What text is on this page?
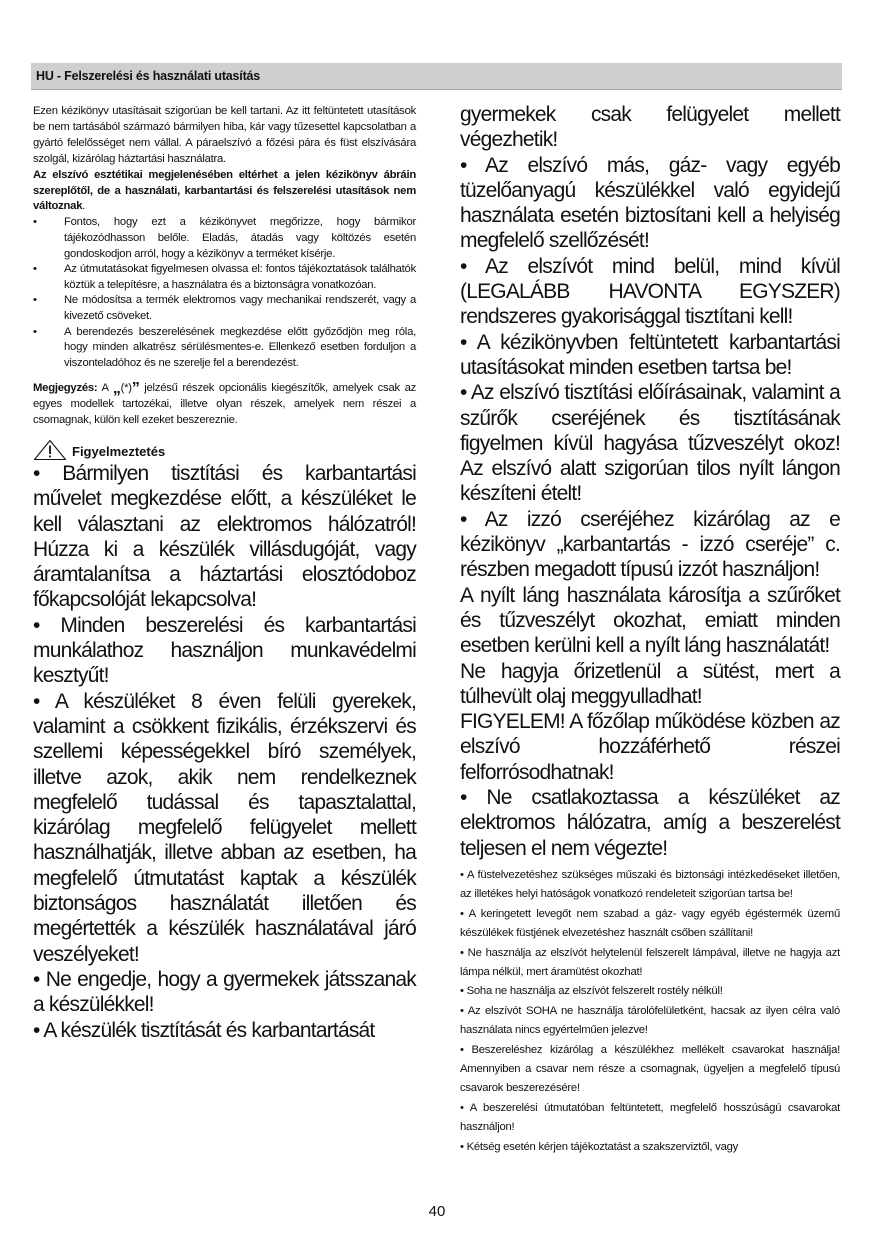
HU - Felszerelési és használati utasítás

Ezen kézikönyv utasításait szigorúan be kell tartani. Az itt feltüntetett utasítások be nem tartásából származó bármilyen hiba, kár vagy tűzesettel kapcsolatban a gyártó felelősséget nem vállal. A páraelszívó a főzési pára és füst elszívására szolgál, kizárólag háztartási használatra.

Az elszívó esztétikai megjelenésében eltérhet a jelen kézikönyv ábráin szereplőtől, de a használati, karbantartási és felszerelési utasítások nem változnak.

• Fontos, hogy ezt a kézikönyvet megőrizze, hogy bármikor tájékozódhasson belőle. Eladás, átadás vagy költözés esetén gondoskodjon arról, hogy a kézikönyv a terméket kísérje.
• Az útmutatásokat figyelmesen olvassa el: fontos tájékoztatások találhatók köztük a telepítésre, a használatra és a biztonságra vonatkozóan.
• Ne módosítsa a termék elektromos vagy mechanikai rendszerét, vagy a kivezető csöveket.
• A berendezés beszerelésének megkezdése előtt győződjön meg róla, hogy minden alkatrész sérülésmentes-e. Ellenkező esetben forduljon a viszonteladóhoz és ne szerelje fel a berendezést.

Megjegyzés: A „(*)” jelzésű részek opcionális kiegészítők, amelyek csak az egyes modellek tartozékai, illetve olyan részek, amelyek nem részei a csomagnak, külön kell ezeket beszereznie.

Figyelmeztetés

• Bármilyen tisztítási és karbantartási művelet megkezdése előtt, a készüléket le kell választani az elektromos hálózatról! Húzza ki a készülék villásdugóját, vagy áramtalanítsa a háztartási elosztódoboz főkapcsolóját lekapcsolva!

• Minden beszerelési és karbantartási munkálathoz használjon munkavédelmi kesztyűt!

• A készüléket 8 éven felüli gyerekek, valamint a csökkent fizikális, érzékszervi és szellemi képességekkel bíró személyek, illetve azok, akik nem rendelkeznek megfelelő tudással és tapasztalattal, kizárólag megfelelő felügyelet mellett használhatják, illetve abban az esetben, ha megfelelő útmutatást kaptak a készülék biztonságos használatát illetően és megértették a készülék használatával járó veszélyeket!

• Ne engedje, hogy a gyermekek játsszanak a készülékkel!

• A készülék tisztítását és karbantartását

gyermekek csak felügyelet mellett végezhetik!

• Az elszívó más, gáz- vagy egyéb tüzelőanyagú készülékkel való egyidejű használata esetén biztosítani kell a helyiség megfelelő szellőzését!

• Az elszívót mind belül, mind kívül (LEGALÁBB HAVONTA EGYSZER) rendszeres gyakorisággal tisztítani kell!

• A kézikönyvben feltüntetett karbantartási utasításokat minden esetben tartsa be!

• Az elszívó tisztítási előírásainak, valamint a szűrők cseréjének és tisztításának figyelmen kívül hagyása tűzveszélyt okoz! Az elszívó alatt szigorúan tilos nyílt lángon készíteni ételt!

• Az izzó cseréjéhez kizárólag az e kézikönyv „karbantartás - izzó cseréje” c. részben megadott típusú izzót használjon!

A nyílt láng használata károsítja a szűrőket és tűzveszélyt okozhat, emiatt minden esetben kerülni kell a nyílt láng használatát!

Ne hagyja őrizetlenül a sütést, mert a túlhevült olaj meggyulladhat!

FIGYELEM! A főzőlap működése közben az elszívó hozzáférhető részei felforrósodhatnak!

• Ne csatlakoztassa a készüléket az elektromos hálózatra, amíg a beszerelést teljesen el nem végezte!

• A füstelvezetéshez szükséges műszaki és biztonsági intézkedéseket illetően, az illetékes helyi hatóságok vonatkozó rendeleteit szigorúan tartsa be!

• A keringetett levegőt nem szabad a gáz- vagy egyéb égéstermék üzemű készülékek füstjének elvezetéshez használt csőben szállítani!

• Ne használja az elszívót helytelenül felszerelt lámpával, illetve ne hagyja azt lámpa nélkül, mert áramütést okozhat!

• Soha ne használja az elszívót felszerelt rostély nélkül!

• Az elszívót SOHA ne használja tárolófelületként, hacsak az ilyen célra való használata nincs egyértelműen jelezve!

• Beszereléshez kizárólag a készülékhez mellékelt csavarokat használja! Amennyiben a csavar nem része a csomagnak, ügyeljen a megfelelő típusú csavarok beszerezésére!

• A beszerelési útmutatóban feltüntetett, megfelelő hosszúságú csavarokat használjon!

• Kétség esetén kérjen tájékoztatást a szakszerviztől, vagy

40
